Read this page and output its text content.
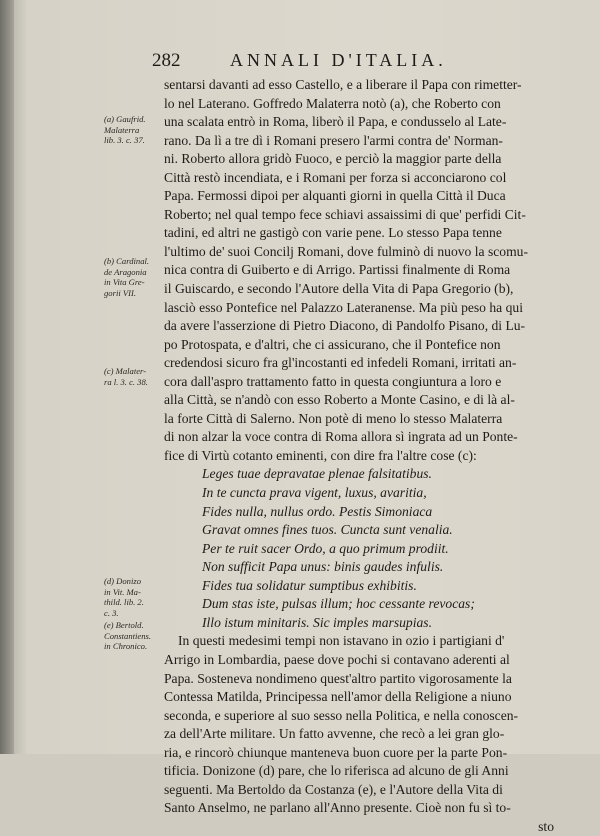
282	ANNALI D'ITALIA.
sentarsi davanti ad esso Castello, e a liberare il Papa con rimetter-
lo nel Laterano. Goffredo Malaterra notò (a), che Roberto con
una scalata entrò in Roma, liberò il Papa, e condusselo al Late-
rano. Da lì a tre dì i Romani presero l'armi contra de' Norman-
ni. Roberto allora gridò Fuoco, e perciò la maggior parte della
Città restò incendiata, e i Romani per forza si acconciarono col
Papa. Fermossi dipoi per alquanti giorni in quella Città il Duca
Roberto; nel qual tempo fece schiavi assaissimi di que' perfidi Cit-
tadini, ed altri ne gastigò con varie pene. Lo stesso Papa tenne
l'ultimo de' suoi Concilj Romani, dove fulminò di nuovo la scomu-
nica contra di Guiberto e di Arrigo. Partissi finalmente di Roma
il Guiscardo, e secondo l'Autore della Vita di Papa Gregorio (b),
lasciò esso Pontefice nel Palazzo Lateranense. Ma più peso ha qui
da avere l'asserzione di Pietro Diacono, di Pandolfo Pisano, di Lu-
po Protospata, e d'altri, che ci assicurano, che il Pontefice non
credendosi sicuro fra gl'incostanti ed infedeli Romani, irritati an-
cora dall'aspro trattamento fatto in questa congiuntura a loro e
alla Città, se n'andò con esso Roberto a Monte Casino, e di là al-
la forte Città di Salerno. Non potè di meno lo stesso Malaterra
di non alzar la voce contra di Roma allora sì ingrata ad un Ponte-
fice di Virtù cotanto eminenti, con dire fra l'altre cose (c):
Leges tuae depravatae plenae falsitatibus.
In te cuncta prava vigent, luxus, avaritia,
Fides nulla, nullus ordo. Pestis Simoniaca
Gravat omnes fines tuos. Cuncta sunt venalia.
Per te ruit sacer Ordo, a quo primum prodiit.
Non sufficit Papa unus: binis gaudes infulis.
Fides tua solidatur sumptibus exhibitis.
Dum stas iste, pulsas illum; hoc cessante revocas;
Illo istum minitaris. Sic imples marsupias.
In questi medesimi tempi non istavano in ozio i partigiani d'
Arrigo in Lombardia, paese dove pochi si contavano aderenti al
Papa. Sosteneva nondimeno quest'altro partito vigorosamente la
Contessa Matilda, Principessa nell'amor della Religione a niuno
seconda, e superiore al suo sesso nella Politica, e nella conoscen-
za dell'Arte militare. Un fatto avvenne, che recò a lei gran glo-
ria, e rincorò chiunque manteneva buon cuore per la parte Pon-
tificia. Donizone (d) pare, che lo riferisca ad alcuno de gli Anni
seguenti. Ma Bertoldo da Costanza (e), e l'Autore della Vita di
Santo Anselmo, ne parlano all'Anno presente. Cioè non fu sì to-
sto
(a) Gaufrid.
Malaterra
lib. 3. c. 37.
(b) Cardinal.
de Aragonia
in Vita Gre-
gorii VII.
(c) Malater-
ra l. 3. c. 38.
(d) Donizo
in Vit. Ma-
thild. lib. 2.
c. 3.
(e) Bertold.
Constantiens.
in Chronico.
